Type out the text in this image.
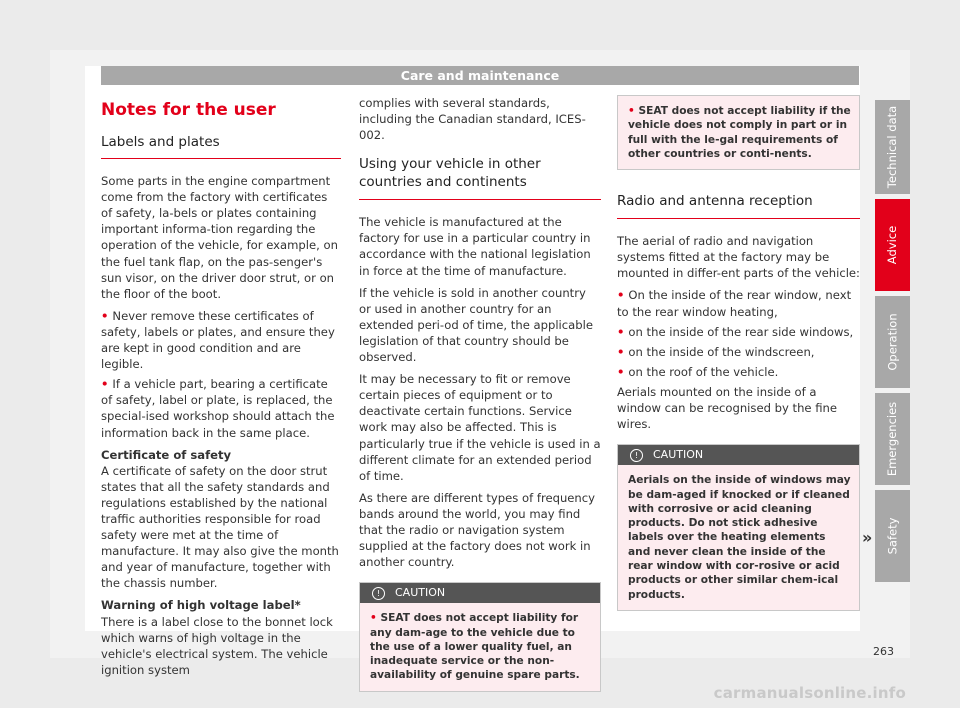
Care and maintenance
Notes for the user
Labels and plates

Some parts in the engine compartment come from the factory with certificates of safety, la-bels or plates containing important informa-tion regarding the operation of the vehicle, for example, on the fuel tank flap, on the pas-senger's sun visor, on the driver door strut, or on the floor of the boot.

• Never remove these certificates of safety, labels or plates, and ensure they are kept in good condition and are legible.

• If a vehicle part, bearing a certificate of safety, label or plate, is replaced, the special-ised workshop should attach the information back in the same place.

Certificate of safety

A certificate of safety on the door strut states that all the safety standards and regulations established by the national traffic authorities responsible for road safety were met at the time of manufacture. It may also give the month and year of manufacture, together with the chassis number.

Warning of high voltage label*

There is a label close to the bonnet lock which warns of high voltage in the vehicle's electrical system. The vehicle ignition system

complies with several standards, including the Canadian standard, ICES-002.

Using your vehicle in other countries and continents

The vehicle is manufactured at the factory for use in a particular country in accordance with the national legislation in force at the time of manufacture.

If the vehicle is sold in another country or used in another country for an extended peri-od of time, the applicable legislation of that country should be observed.

It may be necessary to fit or remove certain pieces of equipment or to deactivate certain functions. Service work may also be affected. This is particularly true if the vehicle is used in a different climate for an extended period of time.

As there are different types of frequency bands around the world, you may find that the radio or navigation system supplied at the factory does not work in another country.

! CAUTION
• SEAT does not accept liability for any dam-age to the vehicle due to the use of a lower quality fuel, an inadequate service or the non-availability of genuine spare parts.
• SEAT does not accept liability if the vehicle does not comply in part or in full with the le-gal requirements of other countries or conti-nents.
Radio and antenna reception

The aerial of radio and navigation systems fitted at the factory may be mounted in differ-ent parts of the vehicle:

• On the inside of the rear window, next to the rear window heating,

• on the inside of the rear side windows,

• on the inside of the windscreen,

• on the roof of the vehicle.

Aerials mounted on the inside of a window can be recognised by the fine wires.

! CAUTION
Aerials on the inside of windows may be dam-aged if knocked or if cleaned with corrosive or acid cleaning products. Do not stick adhesive labels over the heating elements and never clean the inside of the rear window with cor-rosive or acid products or other similar chem-ical products.
»
Technical data
Advice
Operation
Emergencies
Safety
263
carmanualsonline.info
